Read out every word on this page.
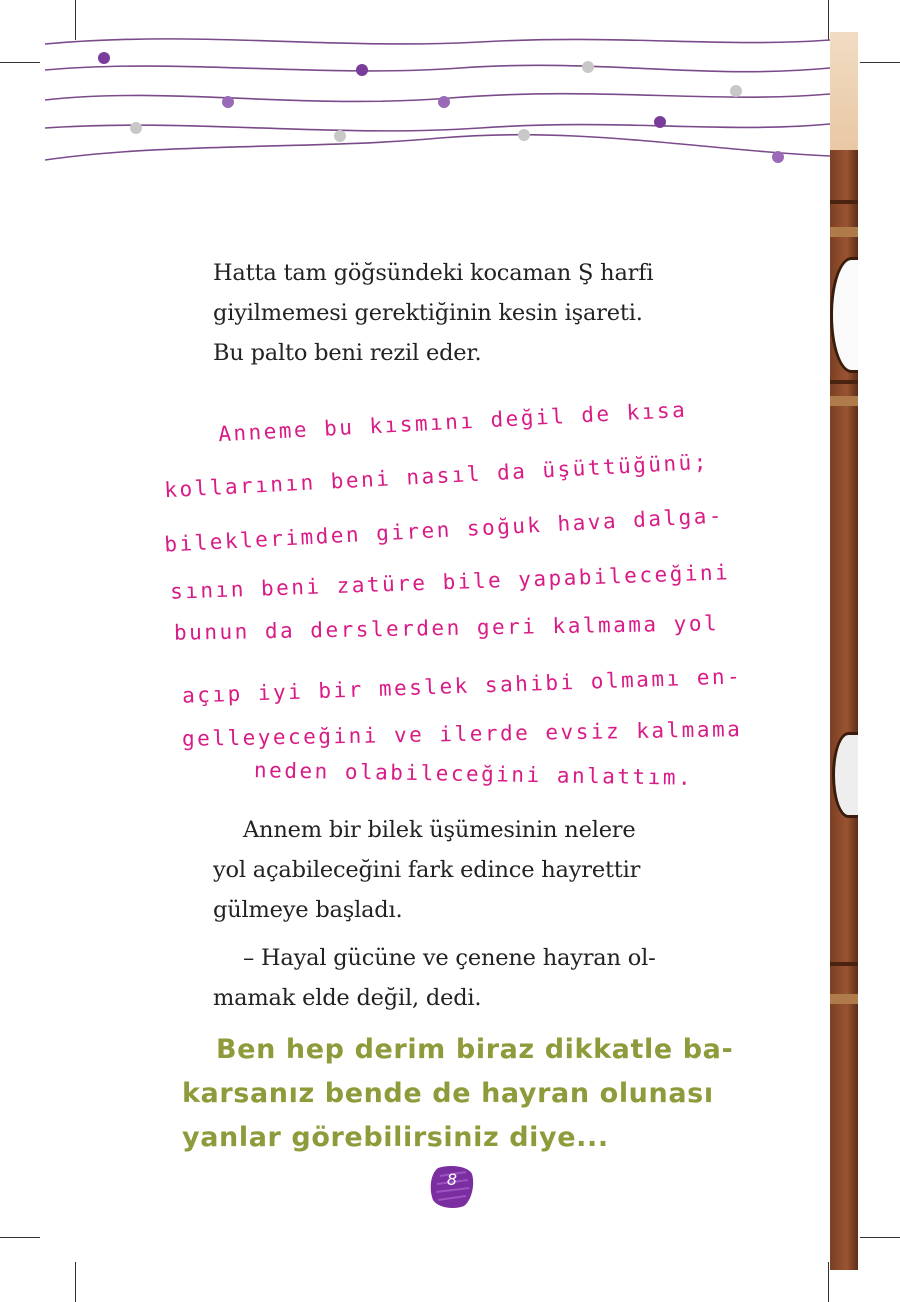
Hatta tam göğsündeki kocaman Ş harfi
giyilmemesi gerektiğinin kesin işareti.
Bu palto beni rezil eder.

Anneme bu kısmını değil de kısa
kollarının beni nasıl da üşüttüğünü;
bileklerimden giren soğuk hava dalga-
sının beni zatüre bile yapabileceğini
bunun da derslerden geri kalmama yol
açıp iyi bir meslek sahibi olmamı en-
gelleyeceğini ve ilerde evsiz kalmama
neden olabileceğini anlattım.

Annem bir bilek üşümesinin nelere
yol açabileceğini fark edince hayrettir
gülmeye başladı.
– Hayal gücüne ve çenene hayran ol-
mamak elde değil, dedi.

Ben hep derim biraz dikkatle ba-
karsanız bende de hayran olunası
yanlar görebilirsiniz diye...

8
